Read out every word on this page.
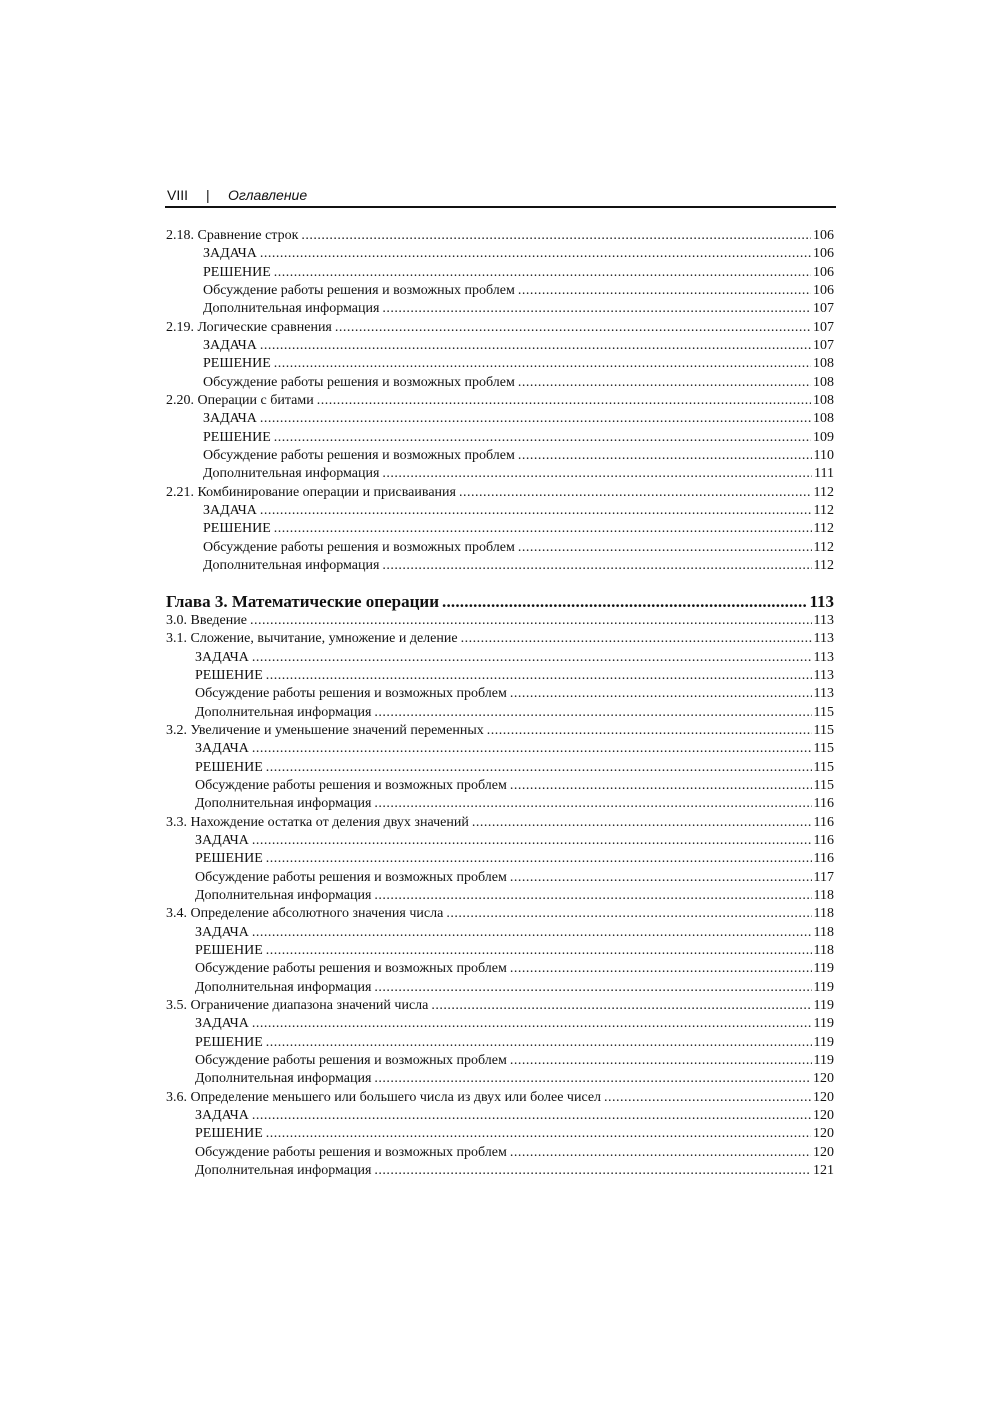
VIII | Оглавление
2.18. Сравнение строк .....	106
ЗАДАЧА .....	106
РЕШЕНИЕ .....	106
Обсуждение работы решения и возможных проблем .....	106
Дополнительная информация .....	107
2.19. Логические сравнения .....	107
ЗАДАЧА .....	107
РЕШЕНИЕ .....	108
Обсуждение работы решения и возможных проблем .....	108
2.20. Операции с битами .....	108
ЗАДАЧА .....	108
РЕШЕНИЕ .....	109
Обсуждение работы решения и возможных проблем .....	110
Дополнительная информация .....	111
2.21. Комбинирование операции и присваивания .....	112
ЗАДАЧА .....	112
РЕШЕНИЕ .....	112
Обсуждение работы решения и возможных проблем .....	112
Дополнительная информация .....	112
Глава 3. Математические операции .....	113
3.0. Введение .....	113
3.1. Сложение, вычитание, умножение и деление .....	113
ЗАДАЧА .....	113
РЕШЕНИЕ .....	113
Обсуждение работы решения и возможных проблем .....	113
Дополнительная информация .....	115
3.2. Увеличение и уменьшение значений переменных .....	115
ЗАДАЧА .....	115
РЕШЕНИЕ .....	115
Обсуждение работы решения и возможных проблем .....	115
Дополнительная информация .....	116
3.3. Нахождение остатка от деления двух значений .....	116
ЗАДАЧА .....	116
РЕШЕНИЕ .....	116
Обсуждение работы решения и возможных проблем .....	117
Дополнительная информация .....	118
3.4. Определение абсолютного значения числа .....	118
ЗАДАЧА .....	118
РЕШЕНИЕ .....	118
Обсуждение работы решения и возможных проблем .....	119
Дополнительная информация .....	119
3.5. Ограничение диапазона значений числа .....	119
ЗАДАЧА .....	119
РЕШЕНИЕ .....	119
Обсуждение работы решения и возможных проблем .....	119
Дополнительная информация .....	120
3.6. Определение меньшего или большего числа из двух или более чисел .....	120
ЗАДАЧА .....	120
РЕШЕНИЕ .....	120
Обсуждение работы решения и возможных проблем .....	120
Дополнительная информация .....	121
